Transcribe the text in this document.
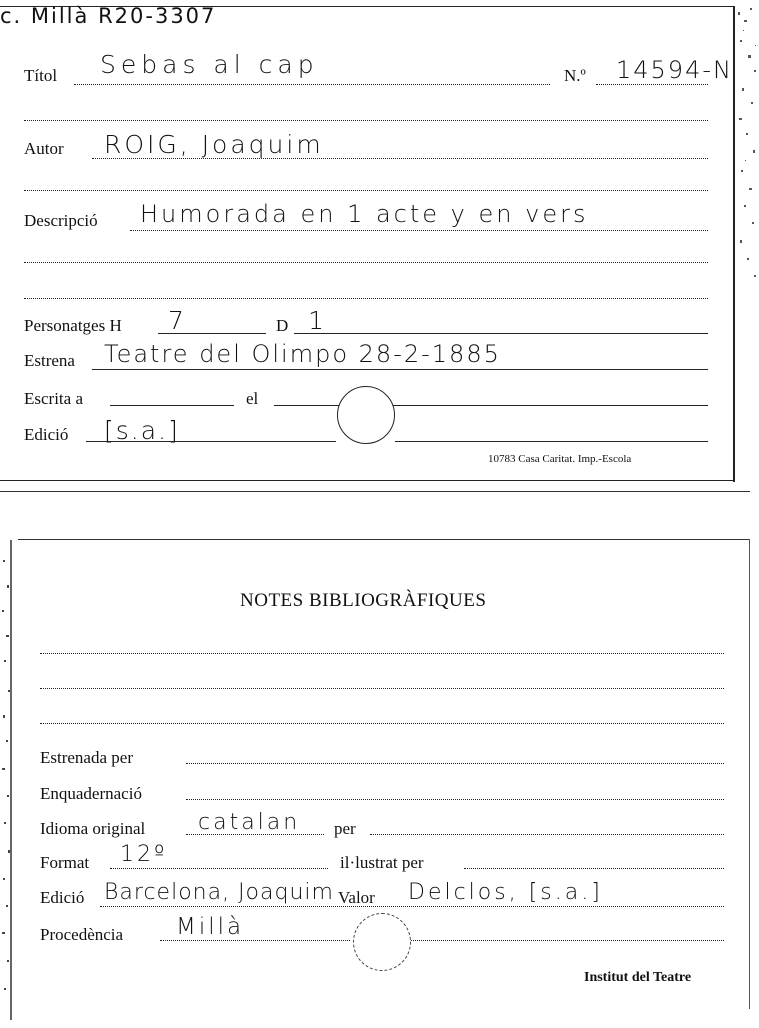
c. Millà R20-3307
Títol Sebas al cap	N.º 14594-N
Autor ROIG, Joaquim
Descripció Humorada en 1 acte y en vers
Personatges H 7	D 1
Estrena Teatre del Olimpo 28-2-1885
Escrita a	el
Edició [s.a.]
10783 Casa Caritat. Imp.-Escola
NOTES BIBLIOGRÀFIQUES
Estrenada per
Enquadernació
Idioma original catalan per
Format 12º	il·lustrat per
Edició Barcelona, Joaquim Valor Delclos, [s.a.]
Procedència Millà
Institut del Teatre
